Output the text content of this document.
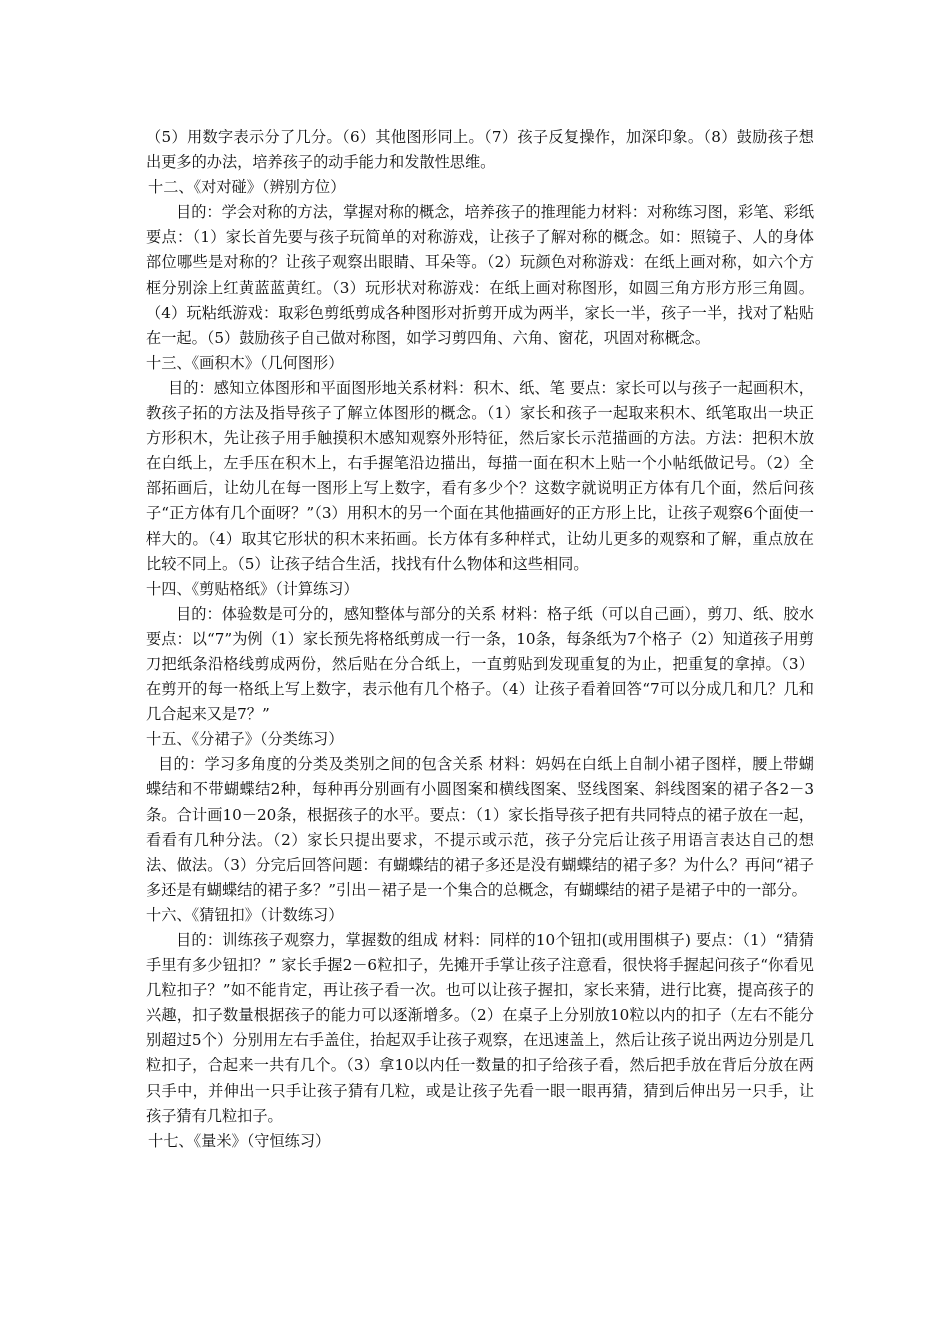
（5）用数字表示分了几分。（6）其他图形同上。（7）孩子反复操作，加深印象。（8）鼓励孩子想出更多的办法，培养孩子的动手能力和发散性思维。

十二、《对对碰》（辨别方位）

目的：学会对称的方法，掌握对称的概念，培养孩子的推理能力材料：对称练习图，彩笔、彩纸 要点：（1）家长首先要与孩子玩简单的对称游戏，让孩子了解对称的概念。如：照镜子、人的身体部位哪些是对称的？让孩子观察出眼睛、耳朵等。（2）玩颜色对称游戏：在纸上画对称，如六个方框分别涂上红黄蓝蓝黄红。（3）玩形状对称游戏：在纸上画对称图形，如圆三角方形方形三角圆。（4）玩粘纸游戏：取彩色剪纸剪成各种图形对折剪开成为两半，家长一半，孩子一半，找对了粘贴在一起。（5）鼓励孩子自己做对称图，如学习剪四角、六角、窗花，巩固对称概念。

十三、《画积木》（几何图形）

目的：感知立体图形和平面图形地关系材料：积木、纸、笔 要点：家长可以与孩子一起画积木，教孩子拓的方法及指导孩子了解立体图形的概念。（1）家长和孩子一起取来积木、纸笔取出一块正方形积木，先让孩子用手触摸积木感知观察外形特征，然后家长示范描画的方法。方法：把积木放在白纸上，左手压在积木上，右手握笔沿边描出，每描一面在积木上贴一个小帖纸做记号。（2）全部拓画后，让幼儿在每一图形上写上数字，看有多少个？这数字就说明正方体有几个面，然后问孩子“正方体有几个面呀？”（3）用积木的另一个面在其他描画好的正方形上比，让孩子观察6个面使一样大的。（4）取其它形状的积木来拓画。长方体有多种样式，让幼儿更多的观察和了解，重点放在比较不同上。（5）让孩子结合生活，找找有什么物体和这些相同。

十四、《剪贴格纸》（计算练习）

目的：体验数是可分的，感知整体与部分的关系 材料：格子纸（可以自己画），剪刀、纸、胶水 要点：以“7”为例（1）家长预先将格纸剪成一行一条，10条，每条纸为7个格子（2）知道孩子用剪刀把纸条沿格线剪成两份，然后贴在分合纸上，一直剪贴到发现重复的为止，把重复的拿掉。（3）在剪开的每一格纸上写上数字，表示他有几个格子。（4）让孩子看着回答“7可以分成几和几？几和几合起来又是7？”

十五、《分裙子》（分类练习）

目的：学习多角度的分类及类别之间的包含关系 材料：妈妈在白纸上自制小裙子图样，腰上带蝴蝶结和不带蝴蝶结2种，每种再分别画有小圆图案和横线图案、竖线图案、斜线图案的裙子各2－3条。合计画10－20条，根据孩子的水平。要点：（1）家长指导孩子把有共同特点的裙子放在一起，看看有几种分法。（2）家长只提出要求，不提示或示范，孩子分完后让孩子用语言表达自己的想法、做法。（3）分完后回答问题：有蝴蝶结的裙子多还是没有蝴蝶结的裙子多？为什么？再问“裙子多还是有蝴蝶结的裙子多？”引出－裙子是一个集合的总概念，有蝴蝶结的裙子是裙子中的一部分。

十六、《猜钮扣》（计数练习）

目的：训练孩子观察力，掌握数的组成 材料：同样的10个钮扣(或用围棋子) 要点：（1）“猜猜手里有多少钮扣？” 家长手握2－6粒扣子，先摊开手掌让孩子注意看，很快将手握起问孩子“你看见几粒扣子？”如不能肯定，再让孩子看一次。也可以让孩子握扣，家长来猜，进行比赛，提高孩子的兴趣，扣子数量根据孩子的能力可以逐渐增多。（2）在桌子上分别放10粒以内的扣子（左右不能分别超过5个）分别用左右手盖住，抬起双手让孩子观察，在迅速盖上，然后让孩子说出两边分别是几粒扣子，合起来一共有几个。（3）拿10以内任一数量的扣子给孩子看，然后把手放在背后分放在两只手中，并伸出一只手让孩子猜有几粒，或是让孩子先看一眼一眼再猜，猜到后伸出另一只手，让孩子猜有几粒扣子。

十七、《量米》（守恒练习）
